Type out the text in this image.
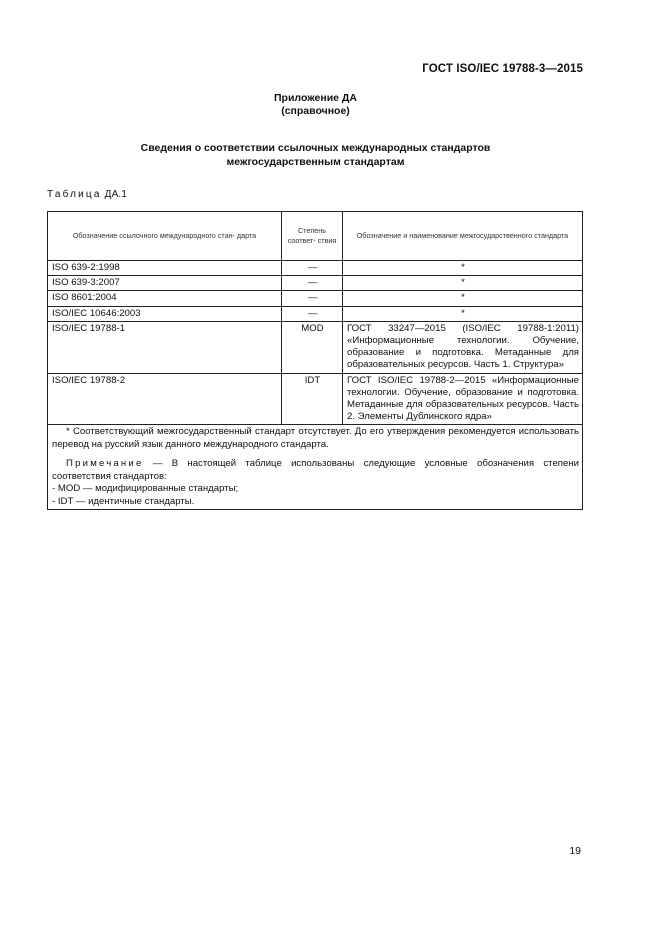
ГОСТ ISO/IEC 19788-3—2015
Приложение ДА
(справочное)
Сведения о соответствии ссылочных международных стандартов
межгосударственным стандартам
Таблица ДА.1
Обозначение ссылочного международного стан- дарта	Степень соответ- ствия	Обозначение и наименование межгосударственного стандарта
ISO 639-2:1998	—	*
ISO 639-3:2007	—	*
ISO 8601:2004	—	*
ISO/IEC 10646:2003	—	*
ISO/IEC 19788-1	MOD	ГОСТ 33247—2015 (ISO/IEC 19788-1:2011) «Информационные технологии. Обучение, образование и подготовка. Метаданные для образовательных ресурсов. Часть 1. Структура»
ISO/IEC 19788-2	IDT	ГОСТ ISO/IEC 19788-2—2015 «Информационные технологии. Обучение, образование и подготовка. Метаданные для образовательных ресурсов. Часть 2. Элементы Дублинского ядра»

* Соответствующий межгосударственный стандарт отсутствует. До его утверждения рекомендуется использовать перевод на русский язык данного международного стандарта.

Примечание — В настоящей таблице использованы следующие условные обозначения степени соответствия стандартов:

- MOD — модифицированные стандарты;

- IDT — идентичные стандарты.		

19
